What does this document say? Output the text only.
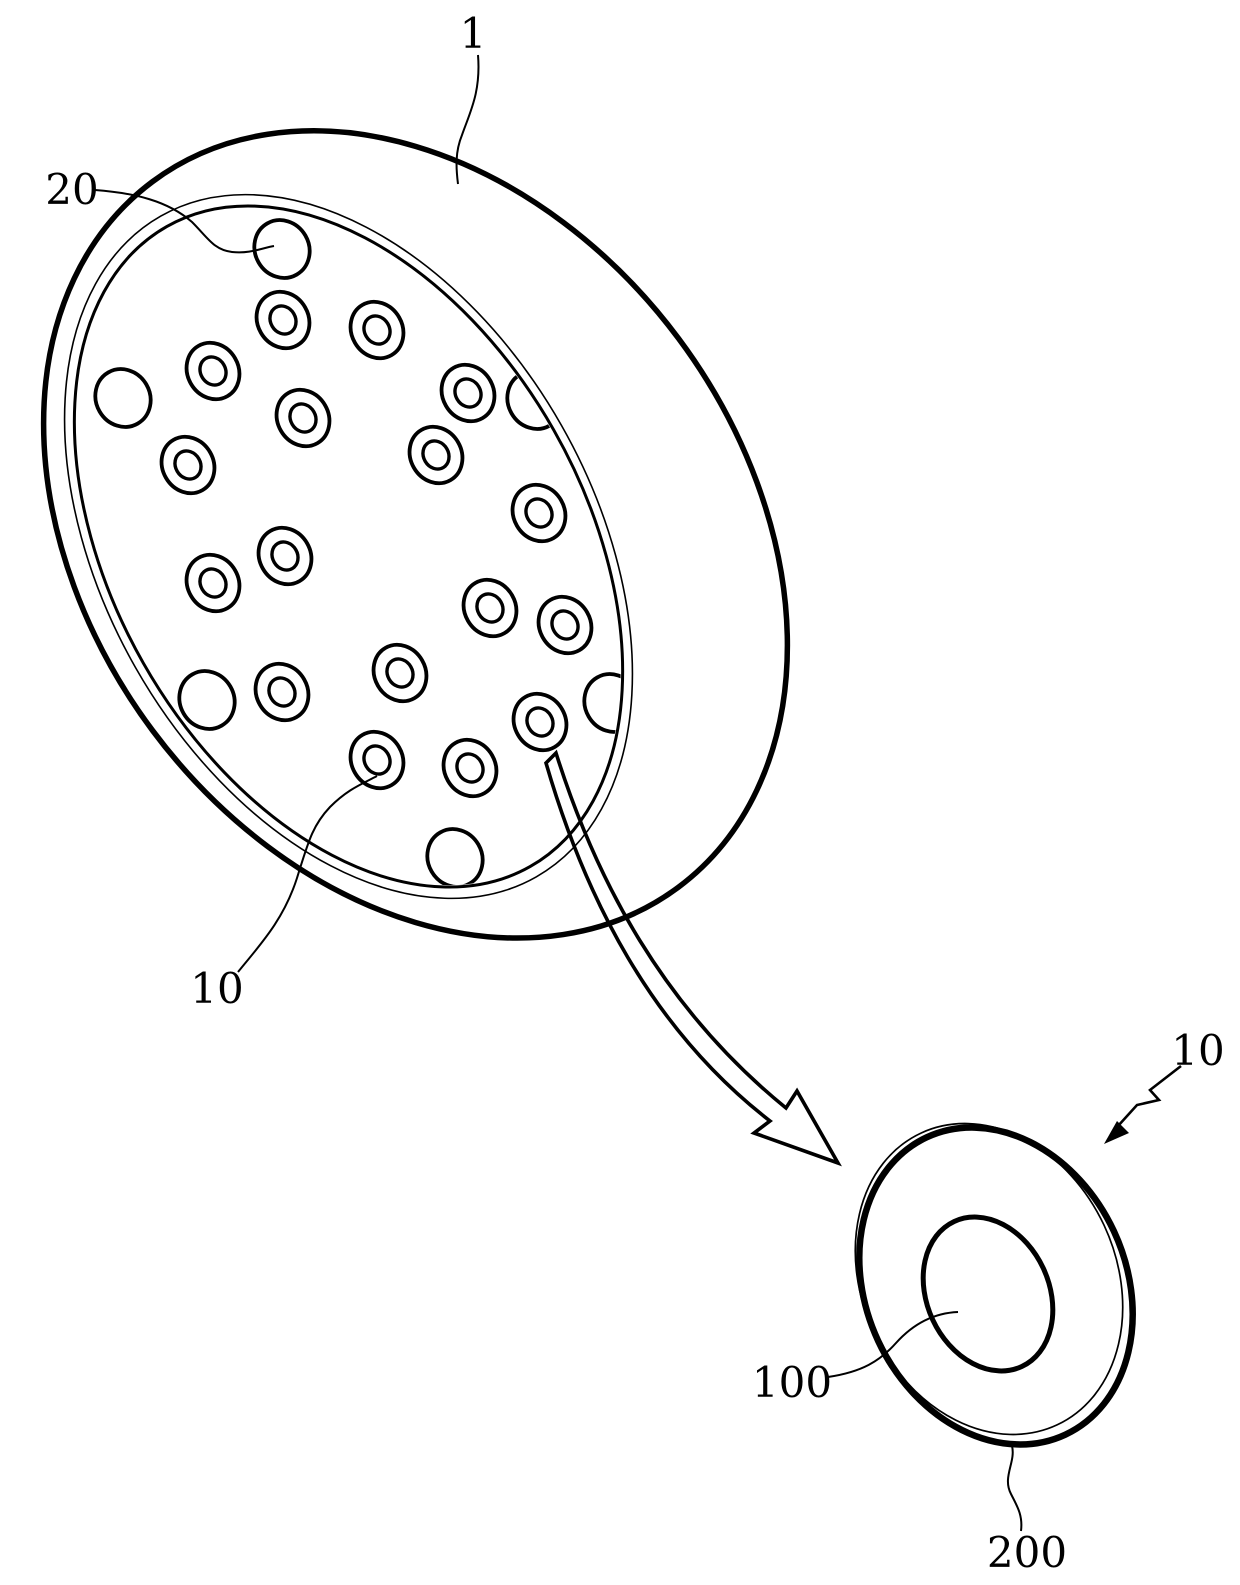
1
20
10
10
100
200
